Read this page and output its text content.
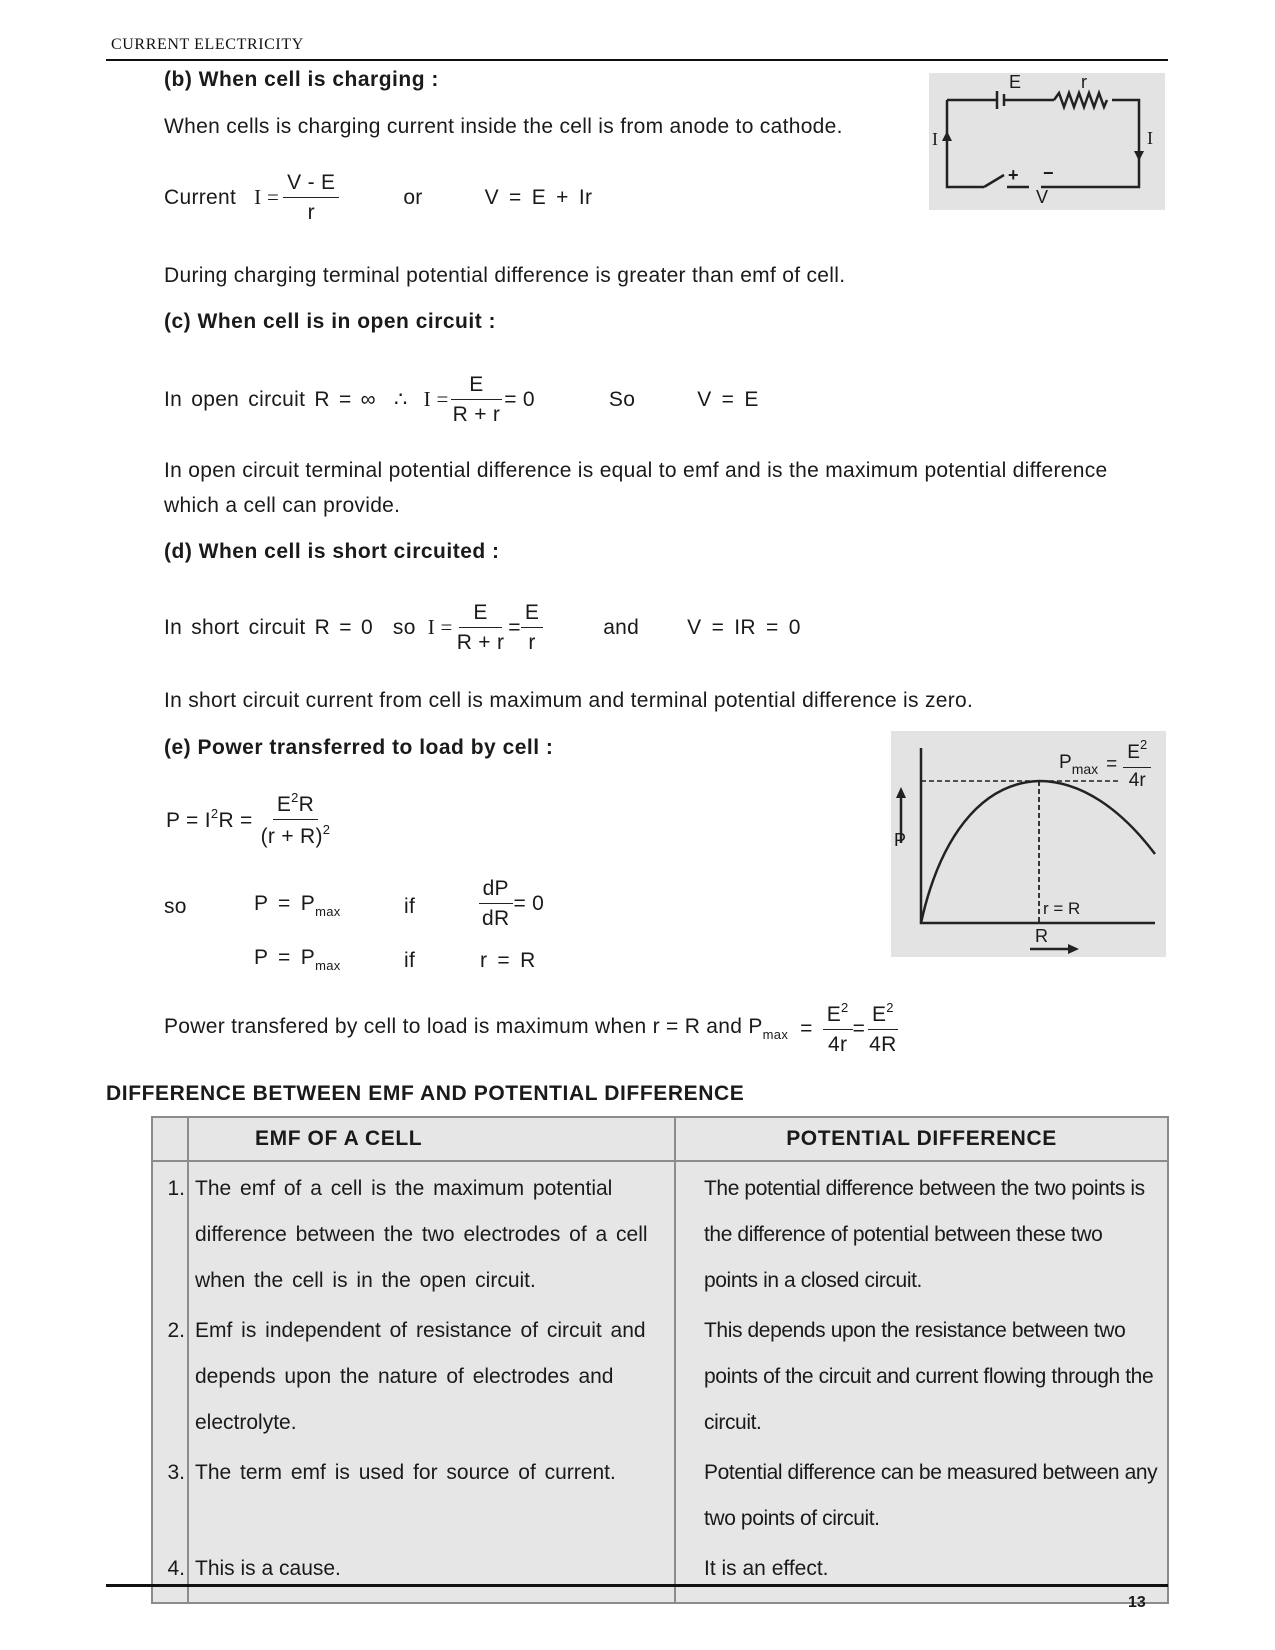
CURRENT ELECTRICITY
(b) When cell is charging :
When cells is charging current inside the cell is from anode to cathode.
Current $I = \frac{V - E}{r}$	or	V = E + Ir
During charging terminal potential difference is greater than emf of cell.
E	r
I	I
+ −
V
(c) When cell is in open circuit :
In open circuit R = ∞ ∴ $I = \frac{E}{R + r} = 0$	So	V = E
In open circuit terminal potential difference is equal to emf and is the maximum potential difference
which a cell can provide.
(d) When cell is short circuited :
In short circuit R = 0 so $I = \frac{E}{R + r} = \frac{E}{r}$	and V = IR = 0
In short circuit current from cell is maximum and terminal potential difference is zero.
(e) Power transferred to load by cell :
$P = I^2R = \frac{E^2R}{(r + R)^2}$
so	$P = P_{max}$	if	$\frac{dP}{dR} = 0$
$P = P_{max}$	if	r = R
Power transfered by cell to load is maximum when r = R and $P_{max} = \frac{E^2}{4r} = \frac{E^2}{4R}$
P
R
r = R
$P_{max} = \frac{E^2}{4r}$
DIFFERENCE BETWEEN EMF AND POTENTIAL DIFFERENCE
	EMF OF A CELL	POTENTIAL DIFFERENCE
1.	The emf of a cell is the maximum potential difference between the two electrodes of a cell when the cell is in the open circuit.	The potential difference between the two points is the difference of potential between these two points in a closed circuit.
2.	Emf is independent of resistance of circuit and depends upon the nature of electrodes and electrolyte.	This depends upon the resistance between two points of the circuit and current flowing through the circuit.
3.	The term emf is used for source of current.	Potential difference can be measured between any two points of circuit.
4.	This is a cause.	It is an effect.
13
